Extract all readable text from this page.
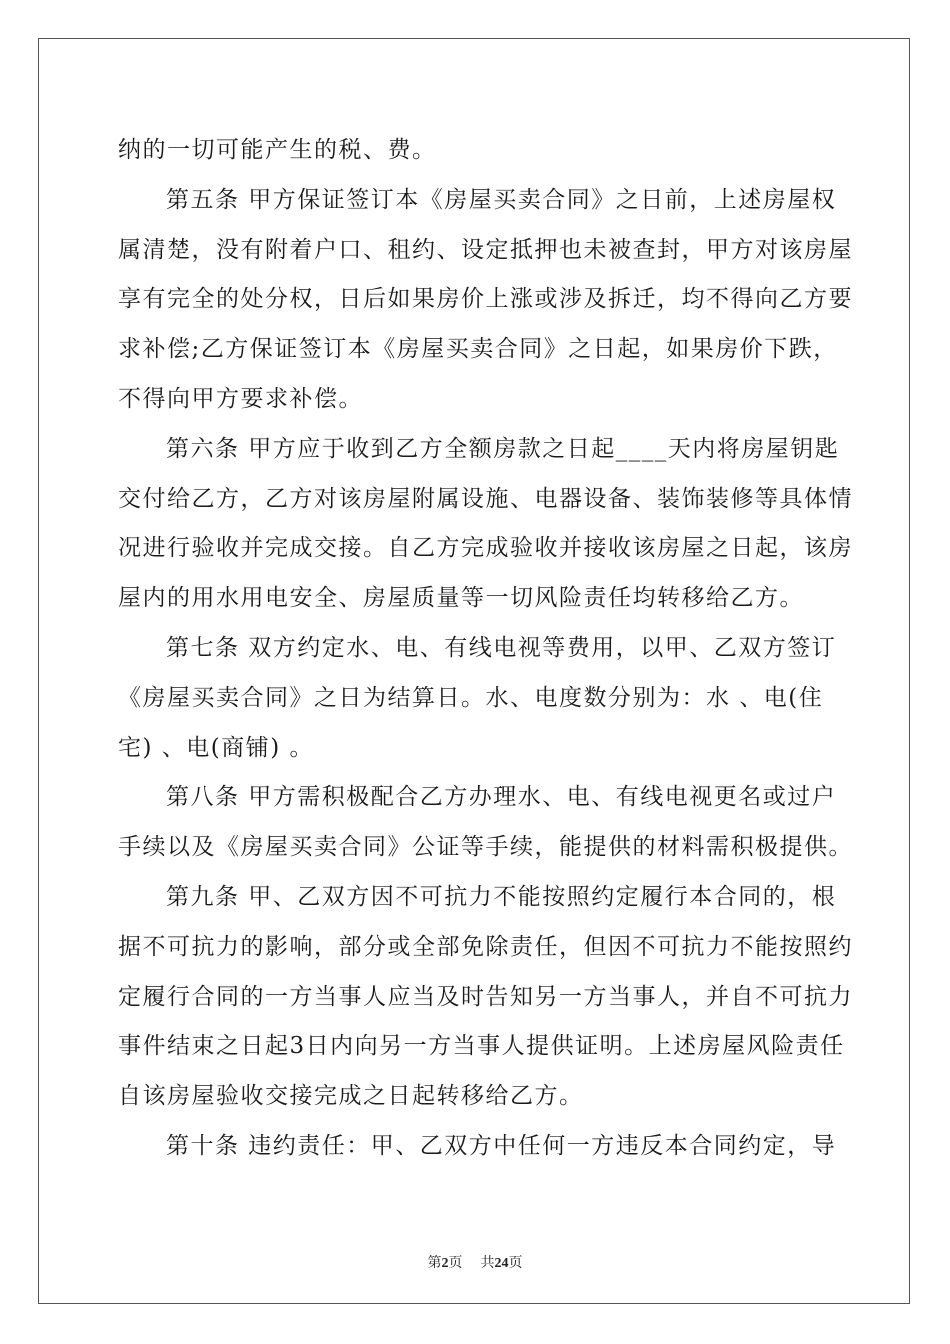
纳的一切可能产生的税、费。
第五条 甲方保证签订本《房屋买卖合同》之日前，上述房屋权
属清楚，没有附着户口、租约、设定抵押也未被查封，甲方对该房屋
享有完全的处分权，日后如果房价上涨或涉及拆迁，均不得向乙方要
求补偿;乙方保证签订本《房屋买卖合同》之日起，如果房价下跌，
不得向甲方要求补偿。
第六条 甲方应于收到乙方全额房款之日起____天内将房屋钥匙
交付给乙方，乙方对该房屋附属设施、电器设备、装饰装修等具体情
况进行验收并完成交接。自乙方完成验收并接收该房屋之日起，该房
屋内的用水用电安全、房屋质量等一切风险责任均转移给乙方。
第七条 双方约定水、电、有线电视等费用，以甲、乙双方签订
《房屋买卖合同》之日为结算日。水、电度数分别为：水 、电(住
宅) 、电(商铺) 。
第八条 甲方需积极配合乙方办理水、电、有线电视更名或过户
手续以及《房屋买卖合同》公证等手续，能提供的材料需积极提供。
第九条 甲、乙双方因不可抗力不能按照约定履行本合同的，根
据不可抗力的影响，部分或全部免除责任，但因不可抗力不能按照约
定履行合同的一方当事人应当及时告知另一方当事人，并自不可抗力
事件结束之日起3日内向另一方当事人提供证明。上述房屋风险责任
自该房屋验收交接完成之日起转移给乙方。
第十条 违约责任：甲、乙双方中任何一方违反本合同约定，导
第2页 共24页
